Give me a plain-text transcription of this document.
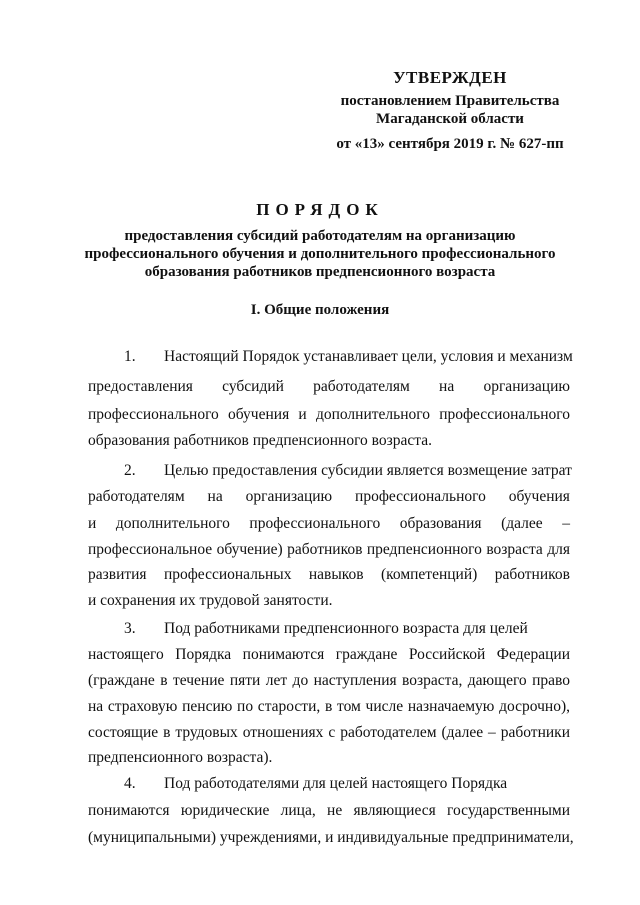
УТВЕРЖДЕН
постановлением Правительства
Магаданской области
от «13» сентября 2019 г. № 627-пп
ПОРЯДОК
предоставления субсидий работодателям на организацию
профессионального обучения и дополнительного профессионального
образования работников предпенсионного возраста
I. Общие положения
1. Настоящий Порядок устанавливает цели, условия и механизм
предоставления субсидий работодателям на организацию
профессионального обучения и дополнительного профессионального
образования работников предпенсионного возраста.
2. Целью предоставления субсидии является возмещение затрат
работодателям на организацию профессионального обучения
и дополнительного профессионального образования (далее –
профессиональное обучение) работников предпенсионного возраста для
развития профессиональных навыков (компетенций) работников
и сохранения их трудовой занятости.
3. Под работниками предпенсионного возраста для целей
настоящего Порядка понимаются граждане Российской Федерации
(граждане в течение пяти лет до наступления возраста, дающего право
на страховую пенсию по старости, в том числе назначаемую досрочно),
состоящие в трудовых отношениях с работодателем (далее – работники
предпенсионного возраста).
4. Под работодателями для целей настоящего Порядка
понимаются юридические лица, не являющиеся государственными
(муниципальными) учреждениями, и индивидуальные предприниматели,
